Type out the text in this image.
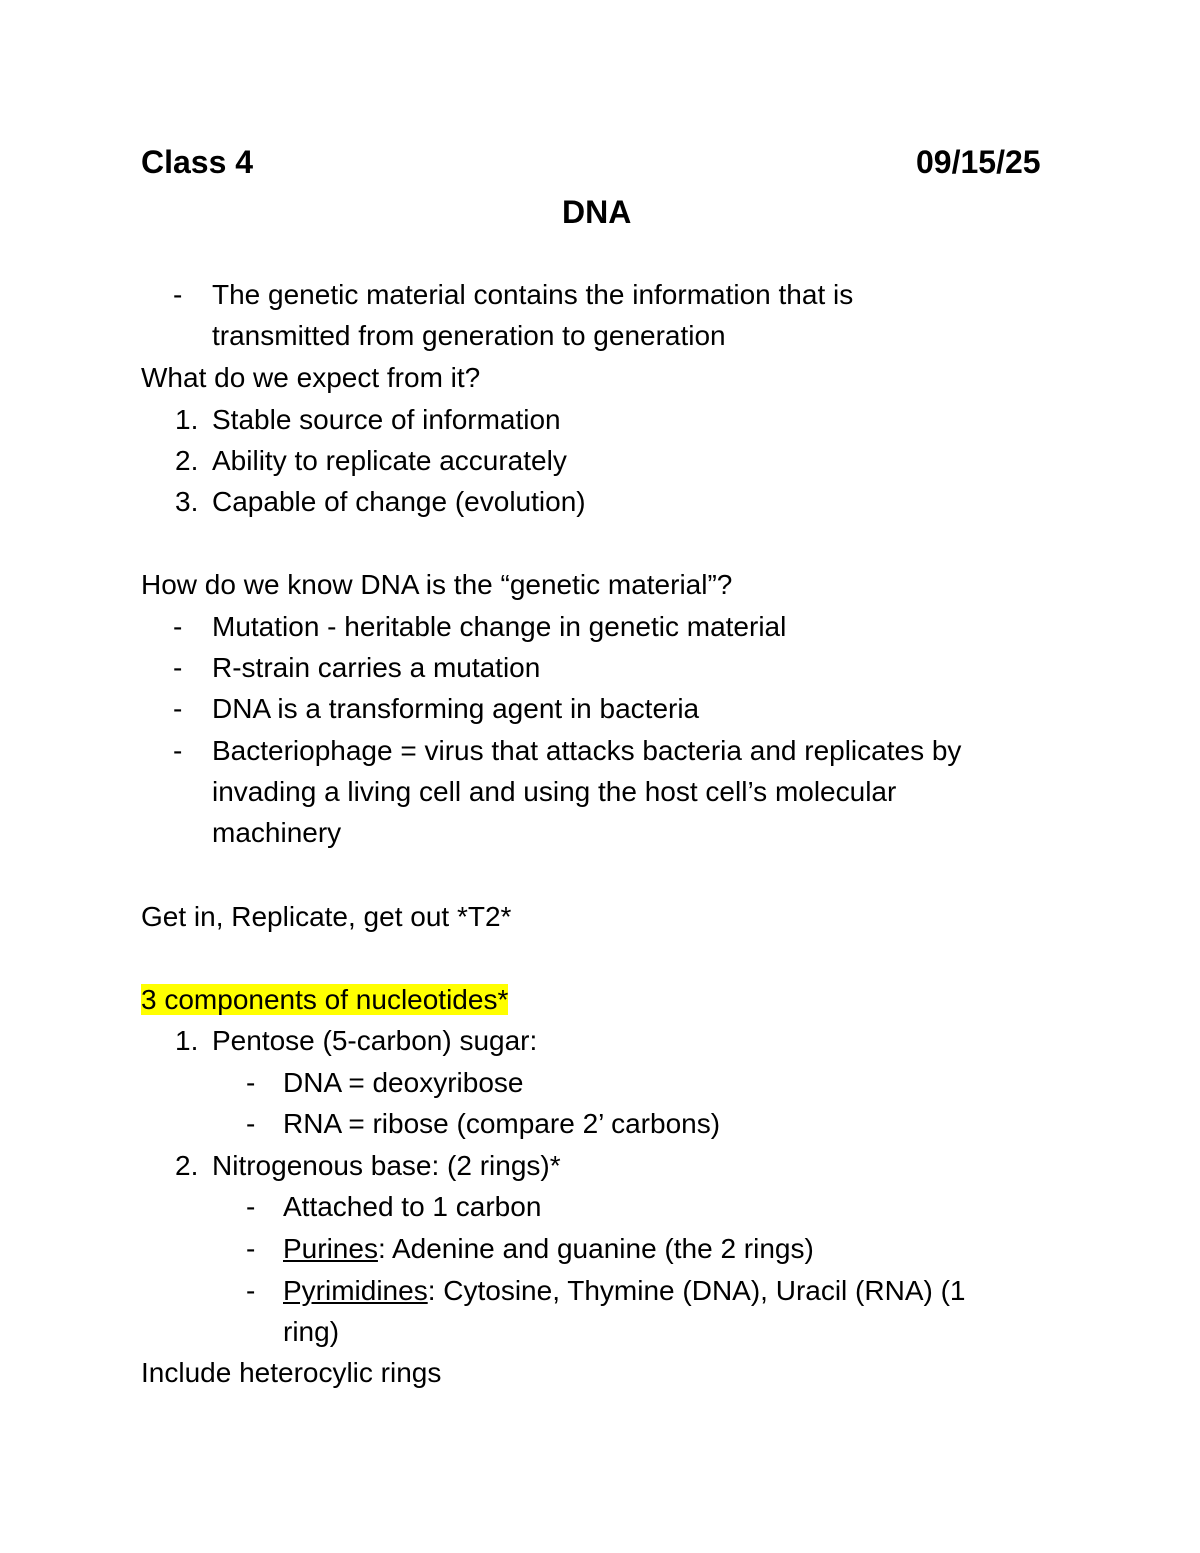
Class 4	09/15/25
DNA
- The genetic material contains the information that is
transmitted from generation to generation
What do we expect from it?
1. Stable source of information
2. Ability to replicate accurately
3. Capable of change (evolution)
How do we know DNA is the “genetic material”?
- Mutation - heritable change in genetic material
- R-strain carries a mutation
- DNA is a transforming agent in bacteria
- Bacteriophage = virus that attacks bacteria and replicates by
invading a living cell and using the host cell’s molecular
machinery
Get in, Replicate, get out *T2*
3 components of nucleotides*
1. Pentose (5-carbon) sugar:
- DNA = deoxyribose
- RNA = ribose (compare 2’ carbons)
2. Nitrogenous base: (2 rings)*
- Attached to 1 carbon
- Purines: Adenine and guanine (the 2 rings)
- Pyrimidines: Cytosine, Thymine (DNA), Uracil (RNA) (1
ring)
Include heterocylic rings
